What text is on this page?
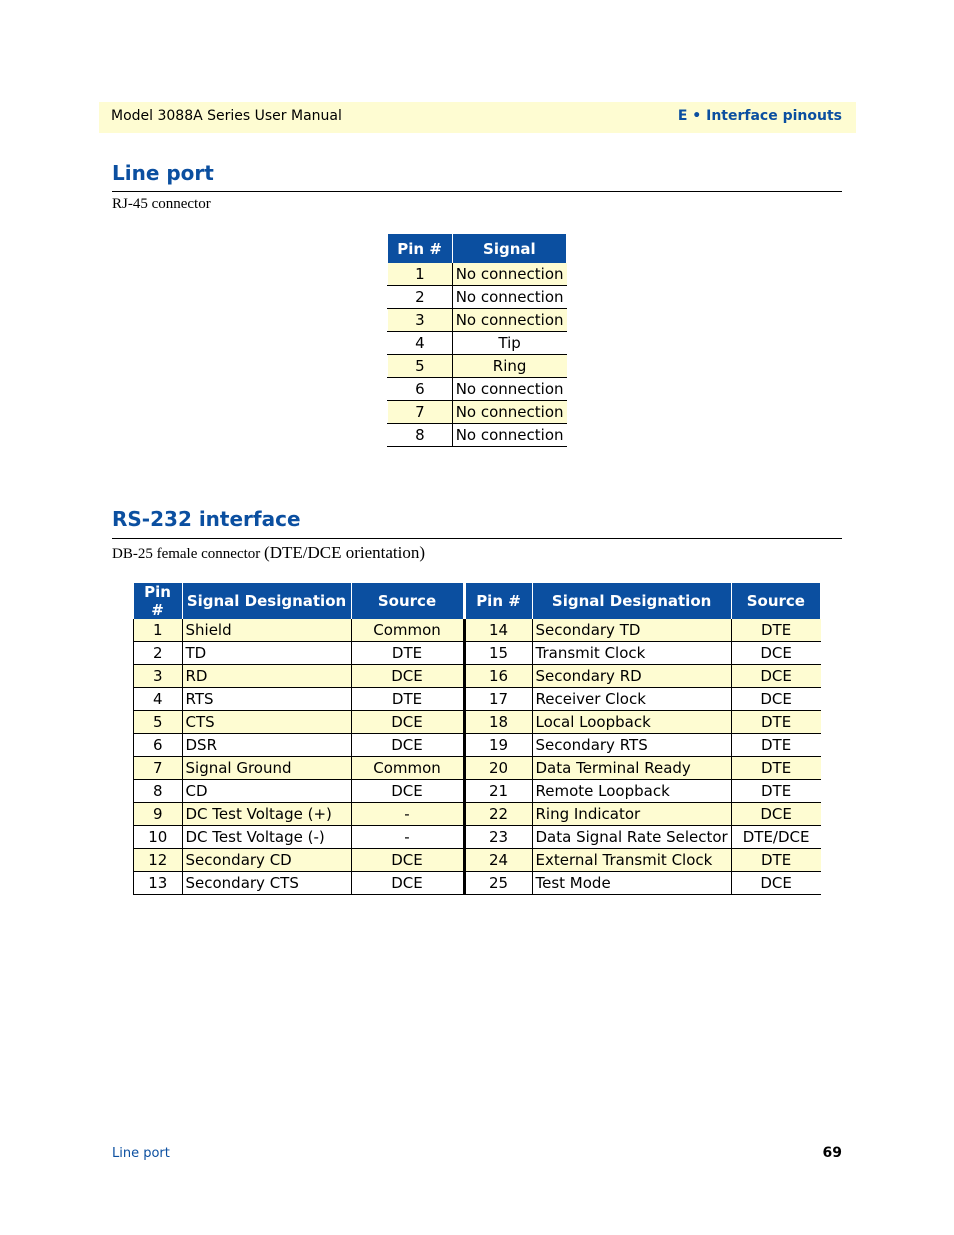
Model 3088A Series User Manual	E • Interface pinouts
Line port
RJ-45 connector
Pin #	Signal
1	No connection
2	No connection
3	No connection
4	Tip
5	Ring
6	No connection
7	No connection
8	No connection
RS-232 interface
DB-25 female connector (DTE/DCE orientation)
Pin #	Signal Designation	Source	Pin #	Signal Designation	Source
1	Shield	Common	14	Secondary TD	DTE
2	TD	DTE	15	Transmit Clock	DCE
3	RD	DCE	16	Secondary RD	DCE
4	RTS	DTE	17	Receiver Clock	DCE
5	CTS	DCE	18	Local Loopback	DTE
6	DSR	DCE	19	Secondary RTS	DTE
7	Signal Ground	Common	20	Data Terminal Ready	DTE
8	CD	DCE	21	Remote Loopback	DTE
9	DC Test Voltage (+)	-	22	Ring Indicator	DCE
10	DC Test Voltage (-)	-	23	Data Signal Rate Selector	DTE/DCE
12	Secondary CD	DCE	24	External Transmit Clock	DTE
13	Secondary CTS	DCE	25	Test Mode	DCE
Line port	69
